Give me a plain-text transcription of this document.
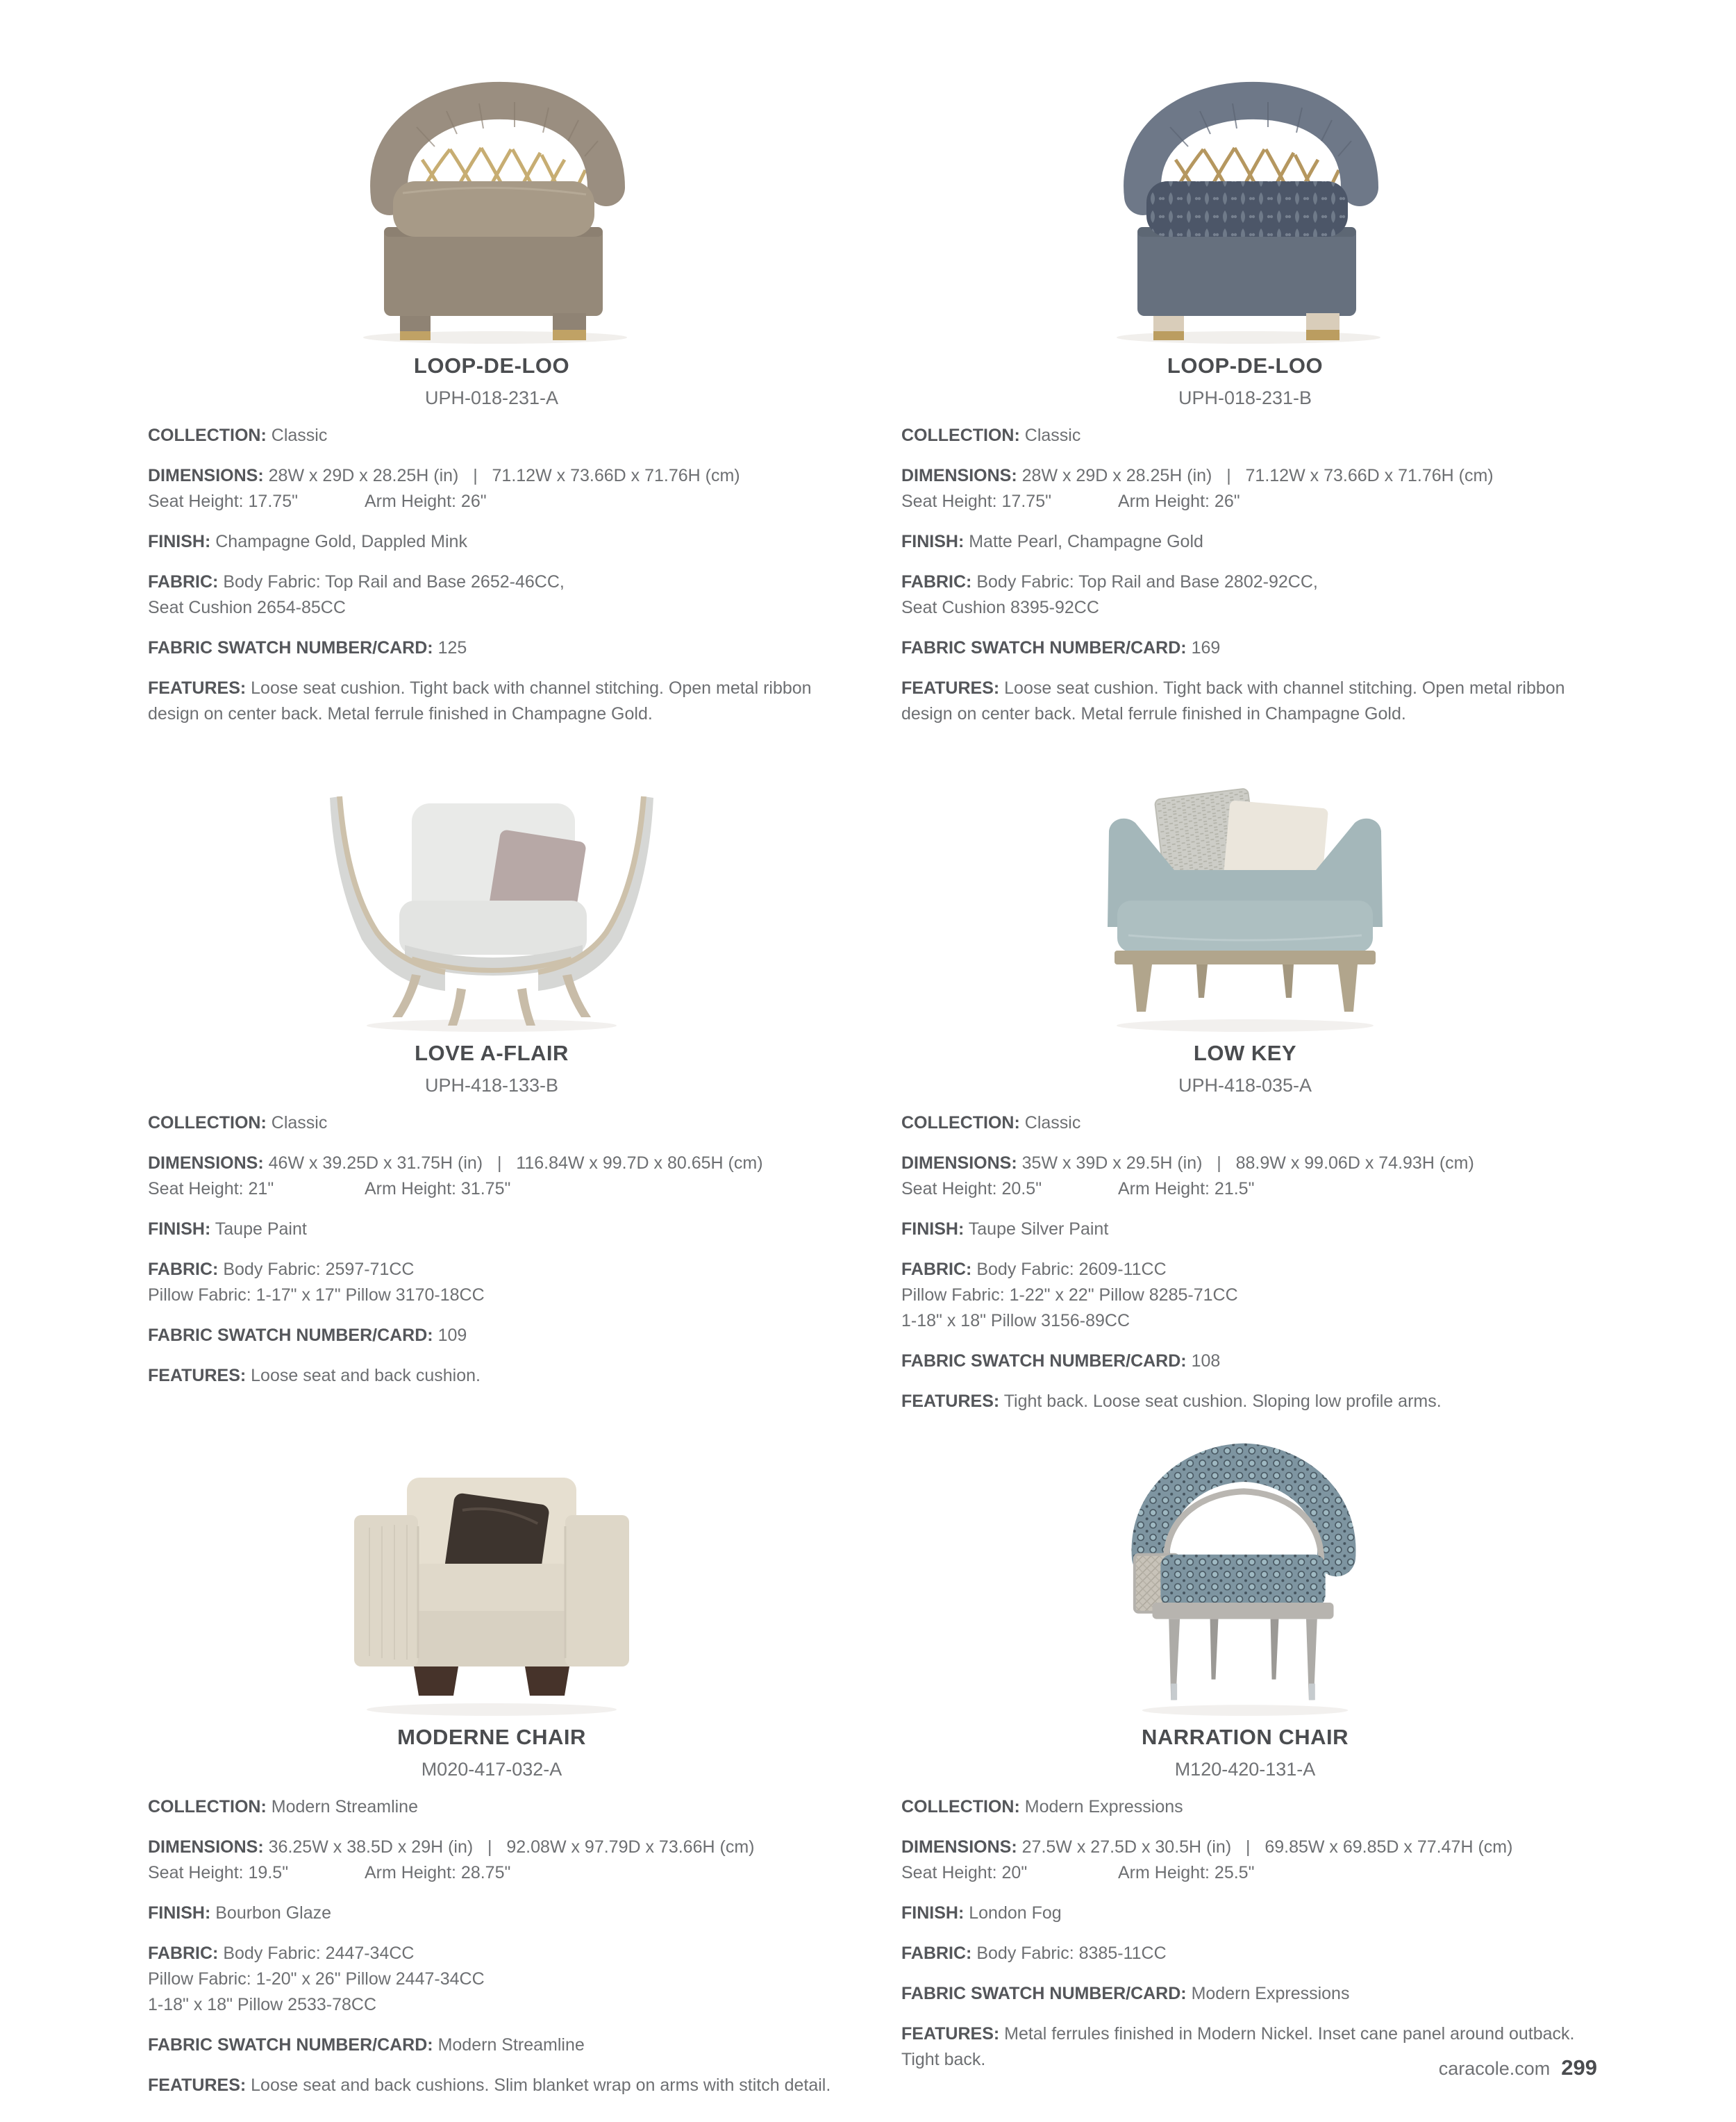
LOOP-DE-LOO
UPH-018-231-A
COLLECTION: Classic
DIMENSIONS: 28W x 29D x 28.25H (in)   |   71.12W x 73.66D x 71.76H (cm)
Seat Height: 17.75"	Arm Height: 26"
FINISH: Champagne Gold, Dappled Mink
FABRIC: Body Fabric: Top Rail and Base 2652-46CC,
Seat Cushion 2654-85CC
FABRIC SWATCH NUMBER/CARD: 125
FEATURES: Loose seat cushion. Tight back with channel stitching. Open metal ribbon design on center back. Metal ferrule finished in Champagne Gold.
LOOP-DE-LOO
UPH-018-231-B
COLLECTION: Classic
DIMENSIONS: 28W x 29D x 28.25H (in)   |   71.12W x 73.66D x 71.76H (cm)
Seat Height: 17.75"	Arm Height: 26"
FINISH: Matte Pearl, Champagne Gold
FABRIC: Body Fabric: Top Rail and Base 2802-92CC,
Seat Cushion 8395-92CC
FABRIC SWATCH NUMBER/CARD: 169
FEATURES: Loose seat cushion. Tight back with channel stitching. Open metal ribbon design on center back. Metal ferrule finished in Champagne Gold.
LOVE A-FLAIR
UPH-418-133-B
COLLECTION: Classic
DIMENSIONS: 46W x 39.25D x 31.75H (in)   |   116.84W x 99.7D x 80.65H (cm)
Seat Height: 21"	Arm Height: 31.75"
FINISH: Taupe Paint
FABRIC: Body Fabric: 2597-71CC
Pillow Fabric: 1-17" x 17" Pillow 3170-18CC
FABRIC SWATCH NUMBER/CARD: 109
FEATURES: Loose seat and back cushion.
LOW KEY
UPH-418-035-A
COLLECTION: Classic
DIMENSIONS: 35W x 39D x 29.5H (in)   |   88.9W x 99.06D x 74.93H (cm)
Seat Height: 20.5"	Arm Height: 21.5"
FINISH: Taupe Silver Paint
FABRIC: Body Fabric: 2609-11CC
Pillow Fabric: 1-22" x 22" Pillow 8285-71CC
1-18" x 18" Pillow 3156-89CC
FABRIC SWATCH NUMBER/CARD: 108
FEATURES: Tight back. Loose seat cushion. Sloping low profile arms.
MODERNE CHAIR
M020-417-032-A
COLLECTION: Modern Streamline
DIMENSIONS: 36.25W x 38.5D x 29H (in)   |   92.08W x 97.79D x 73.66H (cm)
Seat Height: 19.5"	Arm Height: 28.75"
FINISH: Bourbon Glaze
FABRIC: Body Fabric: 2447-34CC
Pillow Fabric: 1-20" x 26" Pillow 2447-34CC
1-18" x 18" Pillow 2533-78CC
FABRIC SWATCH NUMBER/CARD: Modern Streamline
FEATURES: Loose seat and back cushions. Slim blanket wrap on arms with stitch detail.
NARRATION CHAIR
M120-420-131-A
COLLECTION: Modern Expressions
DIMENSIONS: 27.5W x 27.5D x 30.5H (in)   |   69.85W x 69.85D x 77.47H (cm)
Seat Height: 20"	Arm Height: 25.5"
FINISH: London Fog
FABRIC: Body Fabric: 8385-11CC
FABRIC SWATCH NUMBER/CARD: Modern Expressions
FEATURES: Metal ferrules finished in Modern Nickel. Inset cane panel around outback. Tight back.	caracole.com 299
